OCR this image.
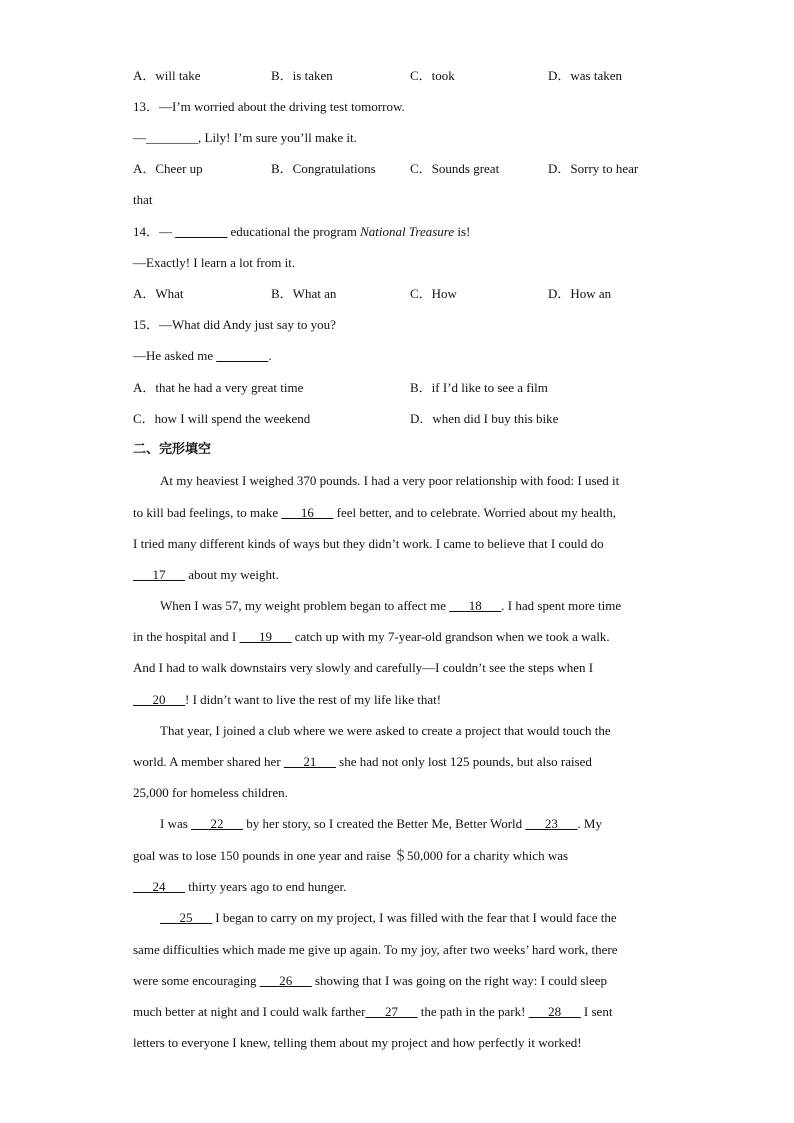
A．will take	B．is taken	C．took	D．was taken
13．—I’m worried about the driving test tomorrow.
—________, Lily! I’m sure you’ll make it.
A．Cheer up	B．Congratulations	C．Sounds great	D．Sorry to hear
that
14．— ________ educational the program National Treasure is!
—Exactly! I learn a lot from it.
A．What	B．What an	C．How	D．How an
15．—What did Andy just say to you?
—He asked me ________.
A．that he had a very great time	B．if I’d like to see a film
C．how I will spend the weekend	D．when did I buy this bike
二、完形填空
At my heaviest I weighed 370 pounds. I had a very poor relationship with food: I used it
to kill bad feelings, to make ___16___ feel better, and to celebrate. Worried about my health,
I tried many different kinds of ways but they didn’t work. I came to believe that I could do
___17___ about my weight.
When I was 57, my weight problem began to affect me ___18___. I had spent more time
in the hospital and I ___19___ catch up with my 7-year-old grandson when we took a walk.
And I had to walk downstairs very slowly and carefully—I couldn’t see the steps when I
___20___! I didn’t want to live the rest of my life like that!
That year, I joined a club where we were asked to create a project that would touch the
world. A member shared her ___21___ she had not only lost 125 pounds, but also raised
25,000 for homeless children.
I was ___22___ by her story, so I created the Better Me, Better World ___23___. My
goal was to lose 150 pounds in one year and raise ＄50,000 for a charity which was
___24___ thirty years ago to end hunger.
___25___ I began to carry on my project, I was filled with the fear that I would face the
same difficulties which made me give up again. To my joy, after two weeks’ hard work, there
were some encouraging ___26___ showing that I was going on the right way: I could sleep
much better at night and I could walk farther___27___ the path in the park! ___28___ I sent
letters to everyone I knew, telling them about my project and how perfectly it worked!
